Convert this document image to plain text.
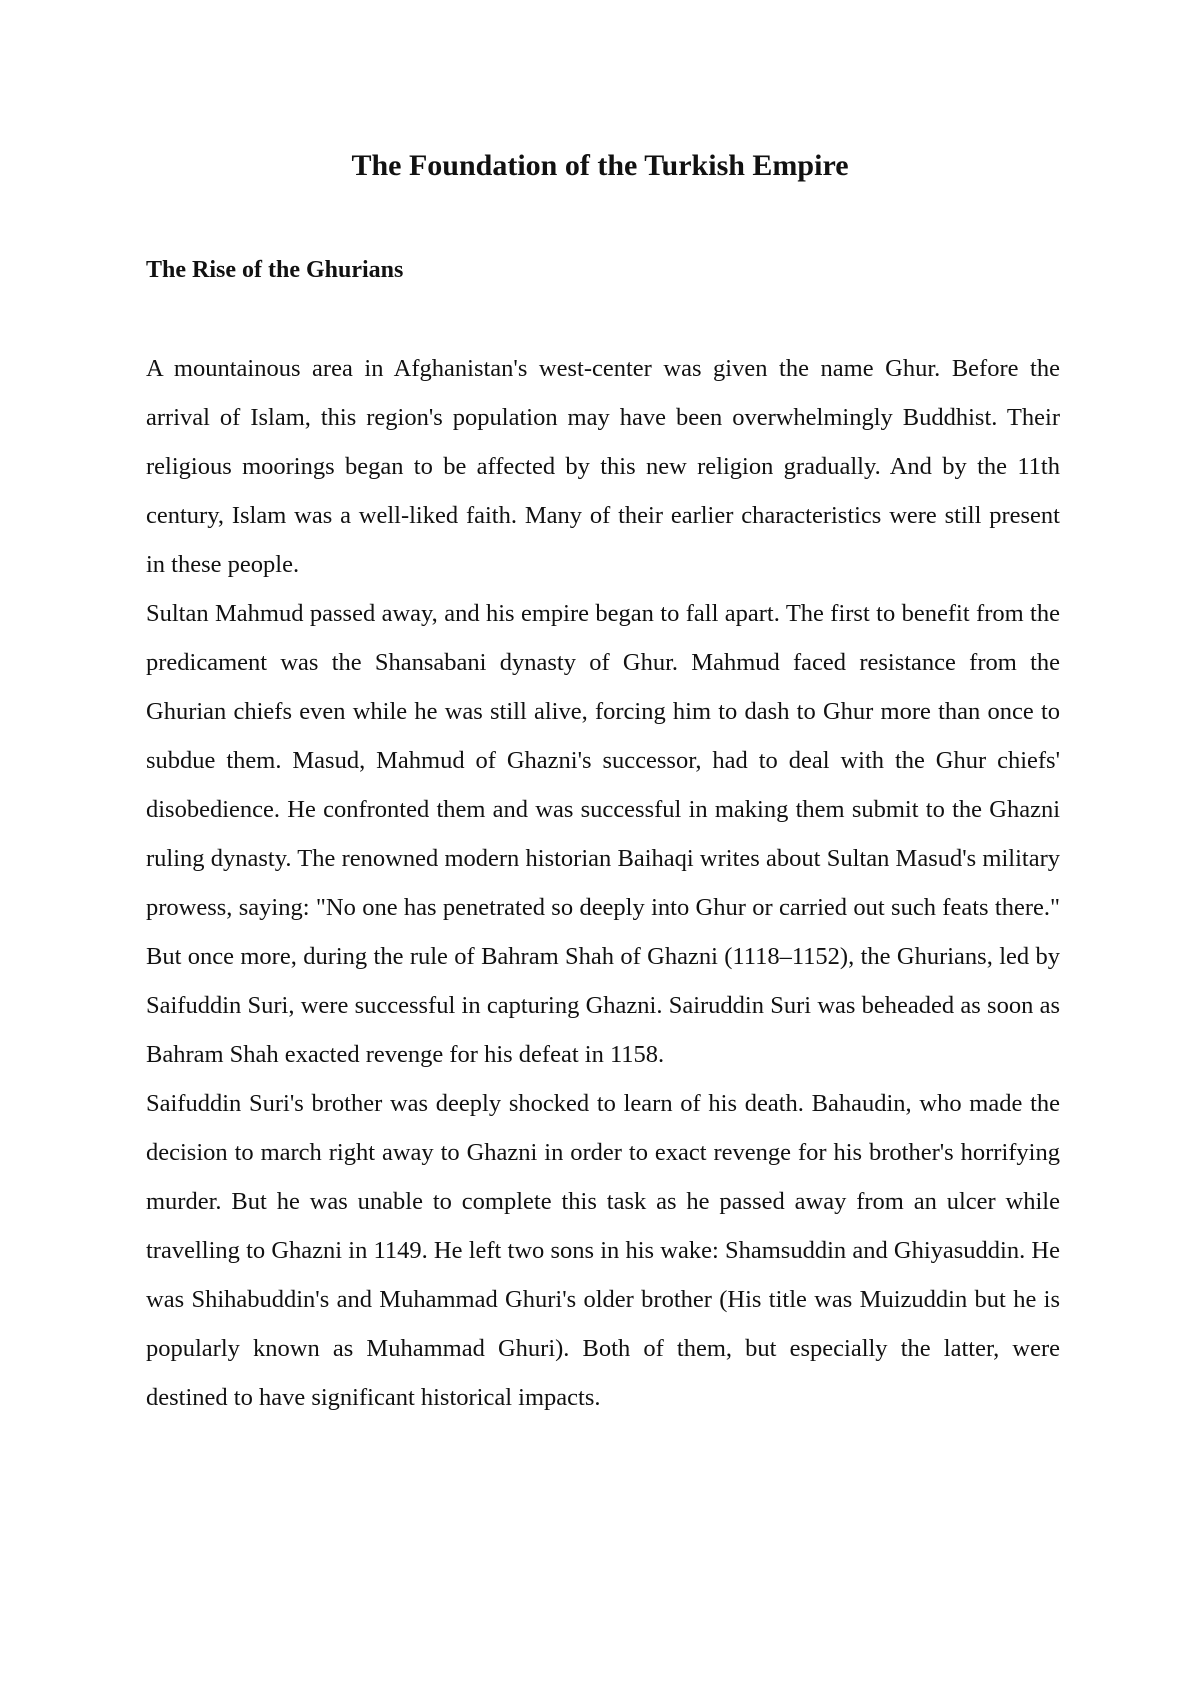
The Foundation of the Turkish Empire
The Rise of the Ghurians

A mountainous area in Afghanistan's west-center was given the name Ghur. Before the arrival of Islam, this region's population may have been overwhelmingly Buddhist. Their religious moorings began to be affected by this new religion gradually. And by the 11th century, Islam was a well-liked faith. Many of their earlier characteristics were still present in these people.

Sultan Mahmud passed away, and his empire began to fall apart. The first to benefit from the predicament was the Shansabani dynasty of Ghur. Mahmud faced resistance from the Ghurian chiefs even while he was still alive, forcing him to dash to Ghur more than once to subdue them. Masud, Mahmud of Ghazni's successor, had to deal with the Ghur chiefs' disobedience. He confronted them and was successful in making them submit to the Ghazni ruling dynasty. The renowned modern historian Baihaqi writes about Sultan Masud's military prowess, saying: "No one has penetrated so deeply into Ghur or carried out such feats there." But once more, during the rule of Bahram Shah of Ghazni (1118–1152), the Ghurians, led by Saifuddin Suri, were successful in capturing Ghazni. Sairuddin Suri was beheaded as soon as Bahram Shah exacted revenge for his defeat in 1158.

Saifuddin Suri's brother was deeply shocked to learn of his death. Bahaudin, who made the decision to march right away to Ghazni in order to exact revenge for his brother's horrifying murder. But he was unable to complete this task as he passed away from an ulcer while travelling to Ghazni in 1149. He left two sons in his wake: Shamsuddin and Ghiyasuddin. He was Shihabuddin's and Muhammad Ghuri's older brother (His title was Muizuddin but he is popularly known as Muhammad Ghuri). Both of them, but especially the latter, were destined to have significant historical impacts.
